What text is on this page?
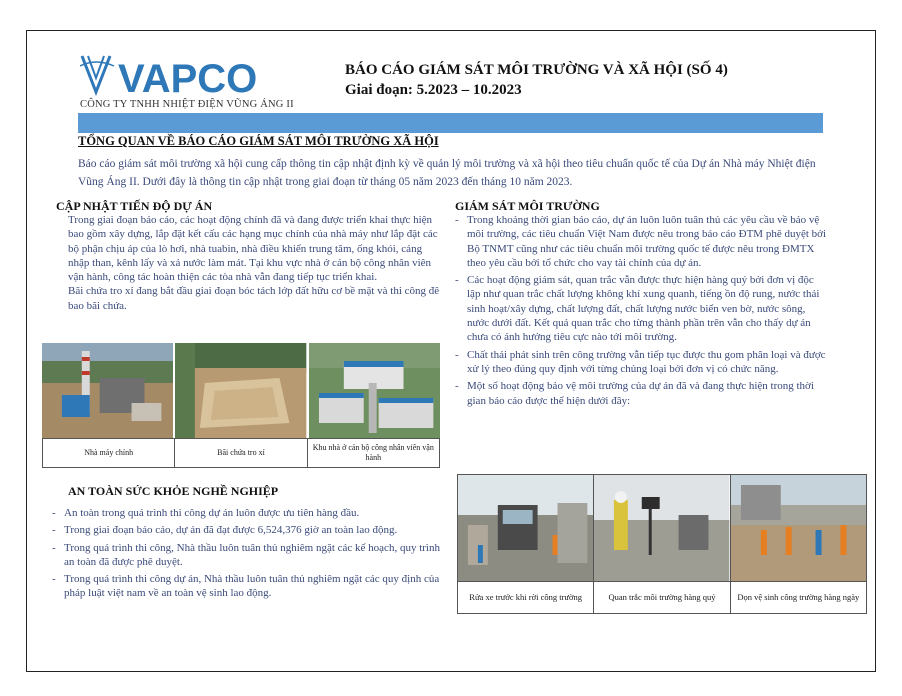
VAPCO
CÔNG TY TNHH NHIỆT ĐIỆN VŨNG ÁNG II
BÁO CÁO GIÁM SÁT MÔI TRƯỜNG VÀ XÃ HỘI (SỐ 4)
Giai đoạn: 5.2023 – 10.2023
TỔNG QUAN VỀ BÁO CÁO GIÁM SÁT MÔI TRƯỜNG XÃ HỘI
Báo cáo giám sát môi trường xã hội cung cấp thông tin cập nhật định kỳ về quản lý môi trường và xã hội theo tiêu chuẩn quốc tế của Dự án Nhà máy Nhiệt điện Vũng Áng II. Dưới đây là thông tin cập nhật trong giai đoạn từ tháng 05 năm 2023 đến tháng 10 năm 2023.
CẬP NHẬT TIẾN ĐỘ DỰ ÁN
Trong giai đoạn báo cáo, các hoạt động chính đã và đang được triển khai thực hiện bao gồm xây dựng, lắp đặt kết cấu các hạng mục chính của nhà máy như lắp đặt các bộ phận chịu áp của lò hơi, nhà tuabin, nhà điều khiển trung tâm, ống khói, cảng nhập than, kênh lấy và xả nước làm mát. Tại khu vực nhà ở cán bộ công nhân viên vận hành, công tác hoàn thiện các tòa nhà vẫn đang tiếp tục triển khai.
Bãi chứa tro xỉ đang bắt đầu giai đoạn bóc tách lớp đất hữu cơ bề mặt và thi công đê bao bãi chứa.
Nhà máy chính	Bãi chứa tro xỉ
Khu nhà ở cán bộ công nhân viên vận hành
AN TOÀN SỨC KHỎE NGHỀ NGHIỆP
- An toàn trong quá trình thi công dự án luôn được ưu tiên hàng đầu.
- Trong giai đoạn báo cáo, dự án đã đạt được 6,524,376 giờ an toàn lao động.
- Trong quá trình thi công, Nhà thầu luôn tuân thủ nghiêm ngặt các kế hoạch, quy trình an toàn đã được phê duyệt.
- Trong quá trình thi công dự án, Nhà thầu luôn tuân thủ nghiêm ngặt các quy định của pháp luật việt nam về an toàn vệ sinh lao động.
GIÁM SÁT MÔI TRƯỜNG
- Trong khoảng thời gian báo cáo, dự án luôn luôn tuân thủ các yêu cầu về bảo vệ môi trường, các tiêu chuẩn Việt Nam được nêu trong báo cáo ĐTM phê duyệt bởi Bộ TNMT cũng như các tiêu chuẩn môi trường quốc tế được nêu trong ĐMTX theo yêu cầu bởi tổ chức cho vay tài chính của dự án.
- Các hoạt động giám sát, quan trắc vẫn được thực hiện hàng quý bởi đơn vị độc lập như quan trắc chất lượng không khí xung quanh, tiếng ồn độ rung, nước thải sinh hoạt/xây dựng, chất lượng đất, chất lượng nước biển ven bờ, nước sông, nước dưới đất. Kết quả quan trắc cho từng thành phần trên vẫn cho thấy dự án chưa có ảnh hưởng tiêu cực nào tới môi trường.
- Chất thải phát sinh trên công trường vẫn tiếp tục được thu gom phân loại và được xử lý theo đúng quy định với từng chủng loại bởi đơn vị có chức năng.
- Một số hoạt động bảo vệ môi trường của dự án đã và đang thực hiện trong thời gian báo cáo được thể hiện dưới đây:
Rửa xe trước khi rời công trường	Quan trắc môi trường hàng quý	Dọn vệ sinh công trường hàng ngày
